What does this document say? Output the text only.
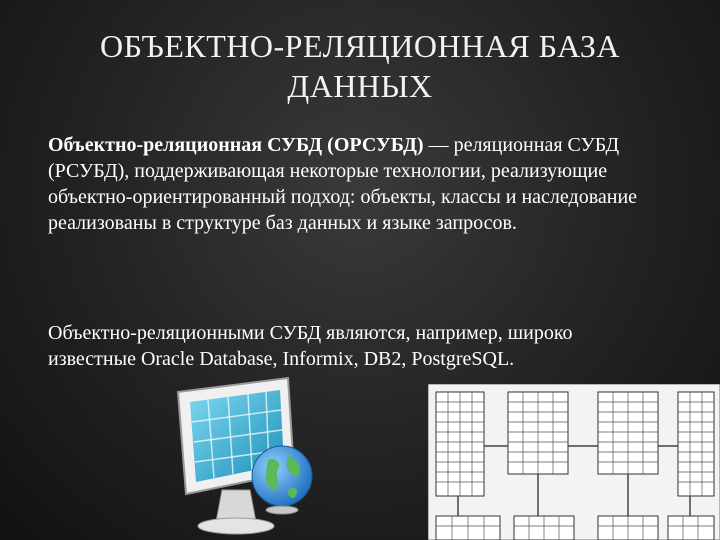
ОБЪЕКТНО-РЕЛЯЦИОННАЯ БАЗА
ДАННЫХ
Объектно-реляционная СУБД (ОРСУБД) — реляционная СУБД (РСУБД), поддерживающая некоторые технологии, реализующие объектно-ориентированный подход: объекты, классы и наследование реализованы в структуре баз данных и языке запросов.
Объектно-реляционными СУБД являются, например, широко известные Oracle Database, Informix, DB2, PostgreSQL.
